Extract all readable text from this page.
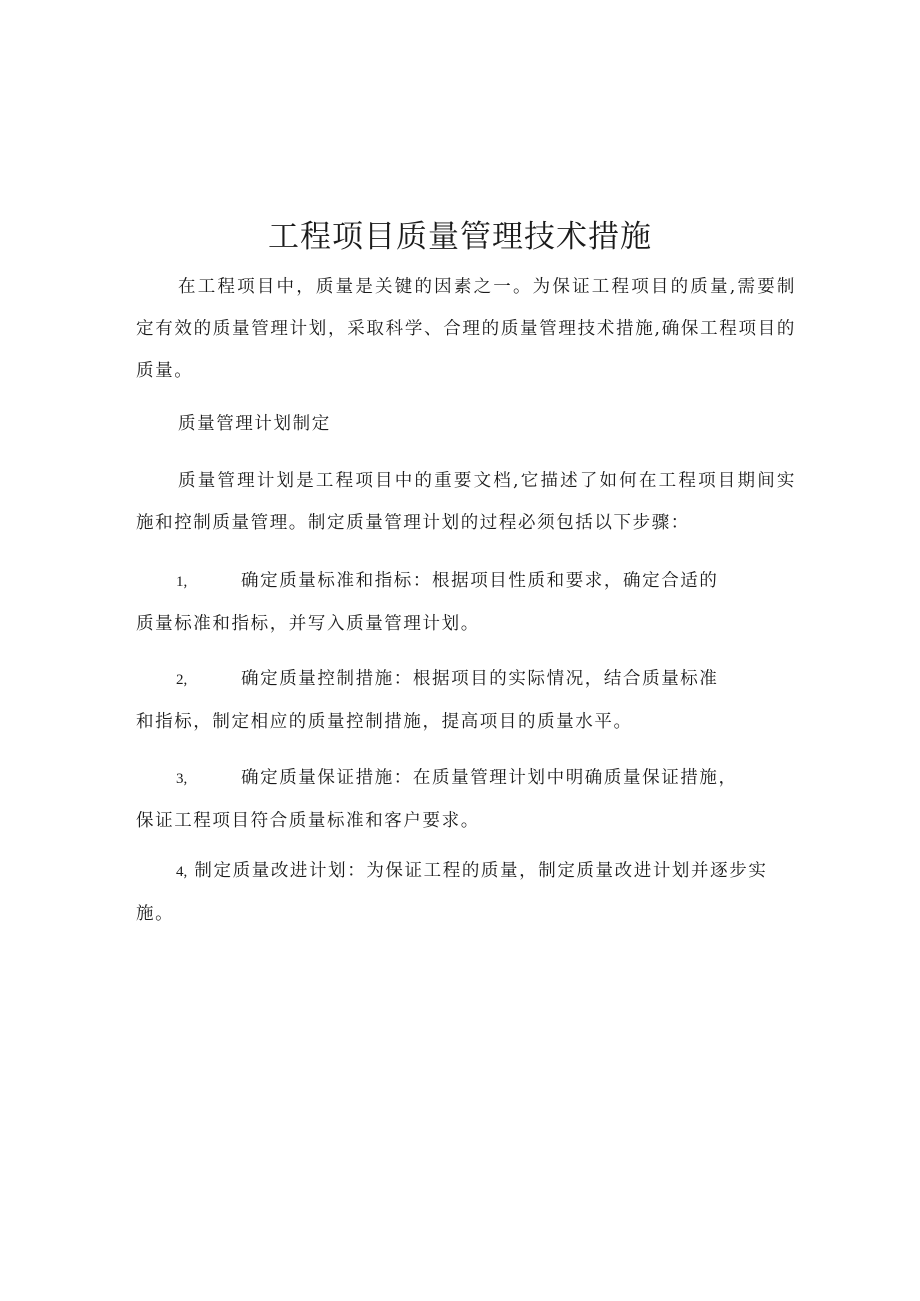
工程项目质量管理技术措施

在工程项目中，质量是关键的因素之一。为保证工程项目的质量,需要制定有效的质量管理计划，采取科学、合理的质量管理技术措施,确保工程项目的质量。

质量管理计划制定

质量管理计划是工程项目中的重要文档,它描述了如何在工程项目期间实施和控制质量管理。制定质量管理计划的过程必须包括以下步骤：

1,	确定质量标准和指标：根据项目性质和要求，确定合适的
质量标准和指标，并写入质量管理计划。
2,	确定质量控制措施：根据项目的实际情况，结合质量标准
和指标，制定相应的质量控制措施，提高项目的质量水平。
3,	确定质量保证措施：在质量管理计划中明确质量保证措施，
保证工程项目符合质量标准和客户要求。
4, 制定质量改进计划：为保证工程的质量，制定质量改进计划并逐步实施。
